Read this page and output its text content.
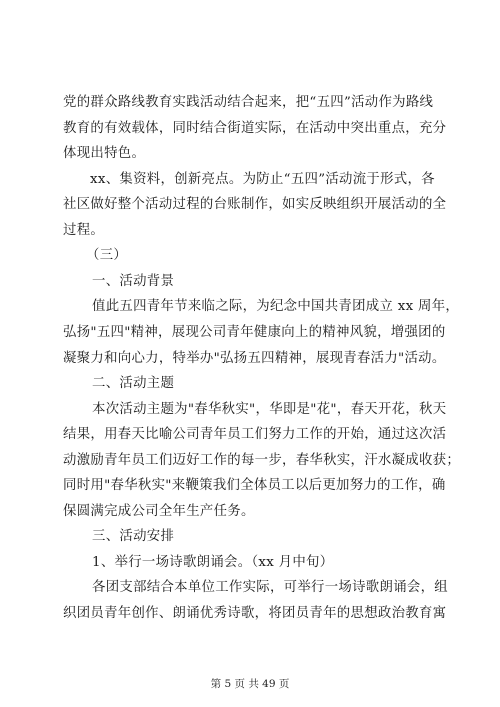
党的群众路线教育实践活动结合起来，把“五四”活动作为路线
教育的有效载体，同时结合街道实际，在活动中突出重点，充分
体现出特色。
xx、集资料，创新亮点。为防止“五四”活动流于形式，各
社区做好整个活动过程的台账制作，如实反映组织开展活动的全
过程。
（三）
一、活动背景
值此五四青年节来临之际，为纪念中国共青团成立 xx 周年，
弘扬"五四"精神，展现公司青年健康向上的精神风貌，增强团的
凝聚力和向心力，特举办"弘扬五四精神，展现青春活力"活动。
二、活动主题
本次活动主题为"春华秋实"，华即是"花"，春天开花，秋天
结果，用春天比喻公司青年员工们努力工作的开始，通过这次活
动激励青年员工们迈好工作的每一步，春华秋实，汗水凝成收获；
同时用"春华秋实"来鞭策我们全体员工以后更加努力的工作，确
保圆满完成公司全年生产任务。
三、活动安排
1、举行一场诗歌朗诵会。（xx 月中旬）
各团支部结合本单位工作实际，可举行一场诗歌朗诵会，组
织团员青年创作、朗诵优秀诗歌，将团员青年的思想政治教育寓
第 5 页 共 49 页
